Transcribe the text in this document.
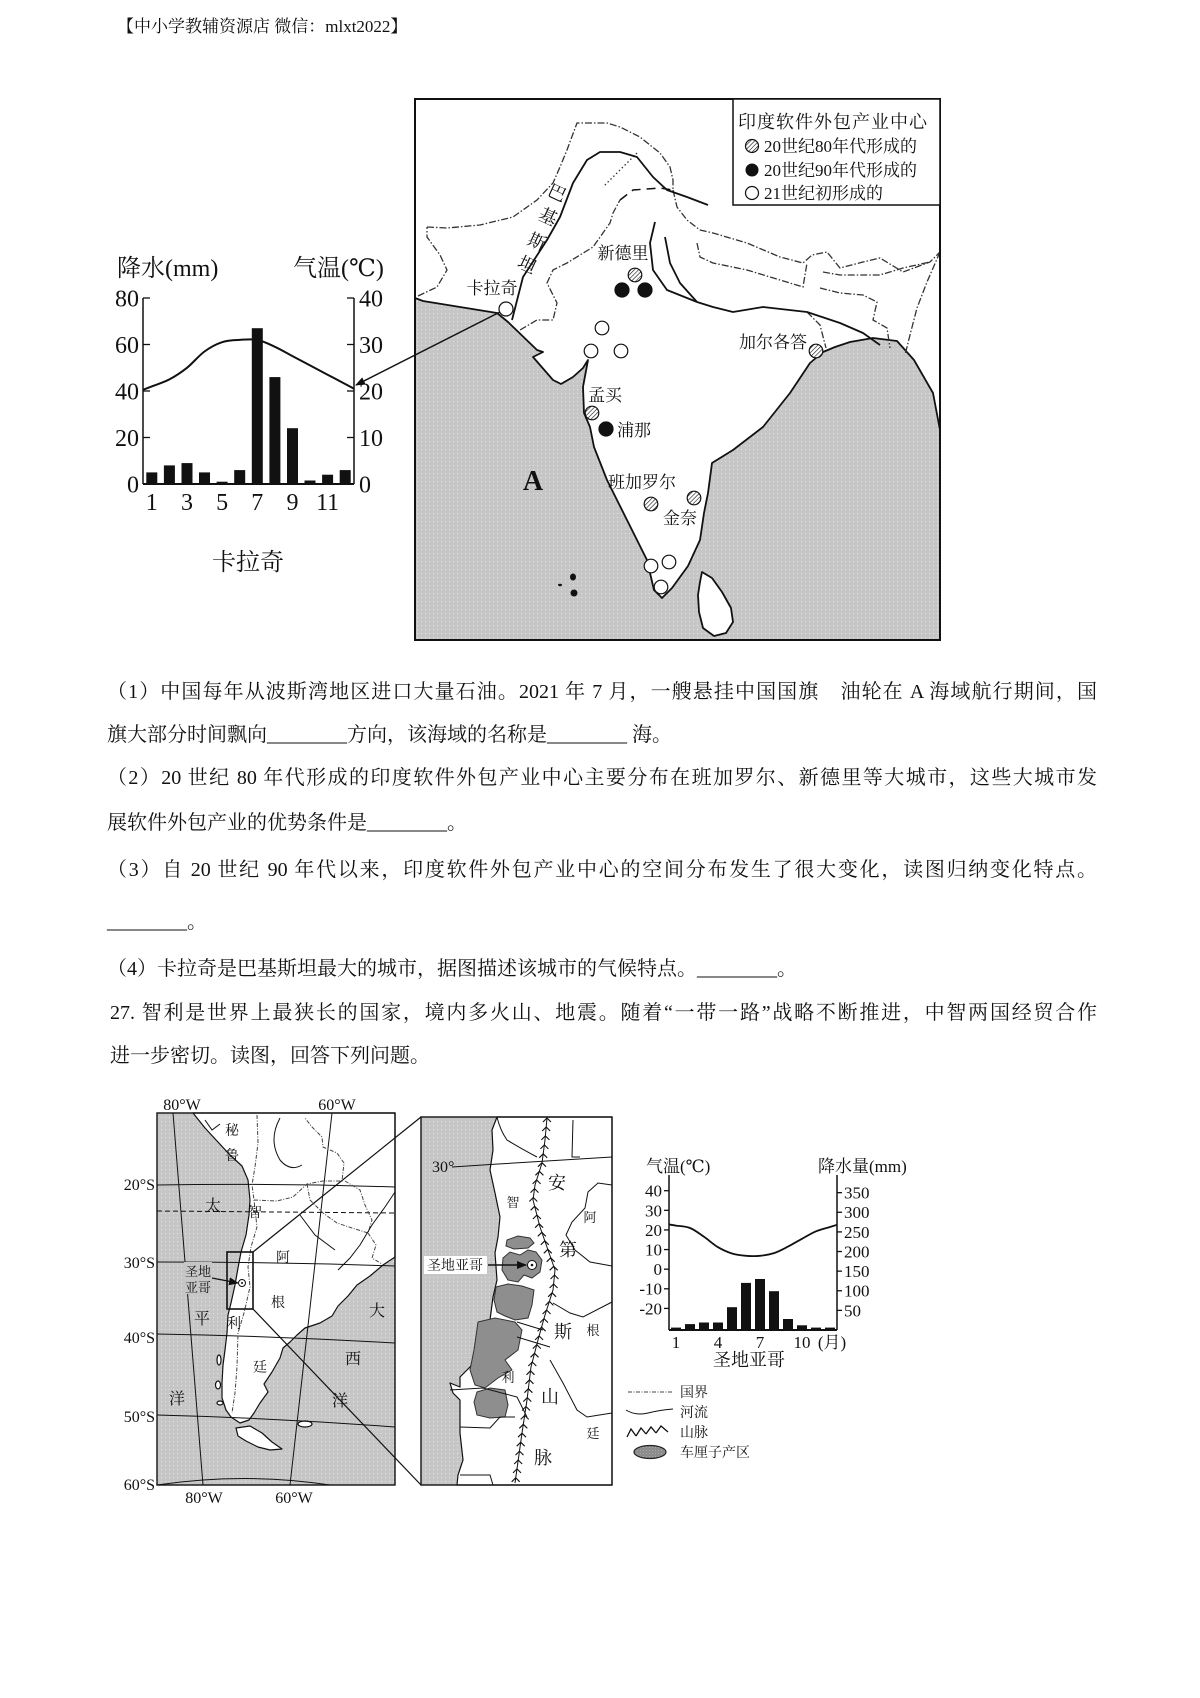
【中小学教辅资源店 微信：mlxt2022】
（1）中国每年从波斯湾地区进口大量石油。2021 年 7 月，一艘悬挂中国国旗　油轮在 A 海域航行期间，国
旗大部分时间飘向________方向，该海域的名称是________ 海。
（2）20 世纪 80 年代形成的印度软件外包产业中心主要分布在班加罗尔、新德里等大城市，这些大城市发
展软件外包产业的优势条件是________。
（3）自 20 世纪 90 年代以来，印度软件外包产业中心的空间分布发生了很大变化，读图归纳变化特点。
________。
（4）卡拉奇是巴基斯坦最大的城市，据图描述该城市的气候特点。________。
27. 智利是世界上最狭长的国家，境内多火山、地震。随着“一带一路”战略不断推进，中智两国经贸合作
进一步密切。读图，回答下列问题。
印度软件外包产业中心
20世纪80年代形成的
20世纪90年代形成的
21世纪初形成的
巴
基
斯
坦
卡拉奇
新德里
加尔各答
孟买
浦那
班加罗尔
金奈
A
0
20
40
60
80
0
10
20
30
40
1 3 5 7 9 11
降水(mm)	气温(℃)
卡拉奇
圣地
亚哥
秘
鲁
太
平
洋
智
利
阿
根
廷
大
西
洋
80°W	60°W
80°W	60°W
20°S
30°S
40°S
50°S
60°S
30°
圣地亚哥
安
智
阿
第
斯 根
利
山
廷
脉
-20
-10
0
10
20
30
40
50
100
150
200
250
300
350
1 4 7 10 (月)
气温(℃)	降水量(mm)
圣地亚哥
国界
河流
山脉
车厘子产区
